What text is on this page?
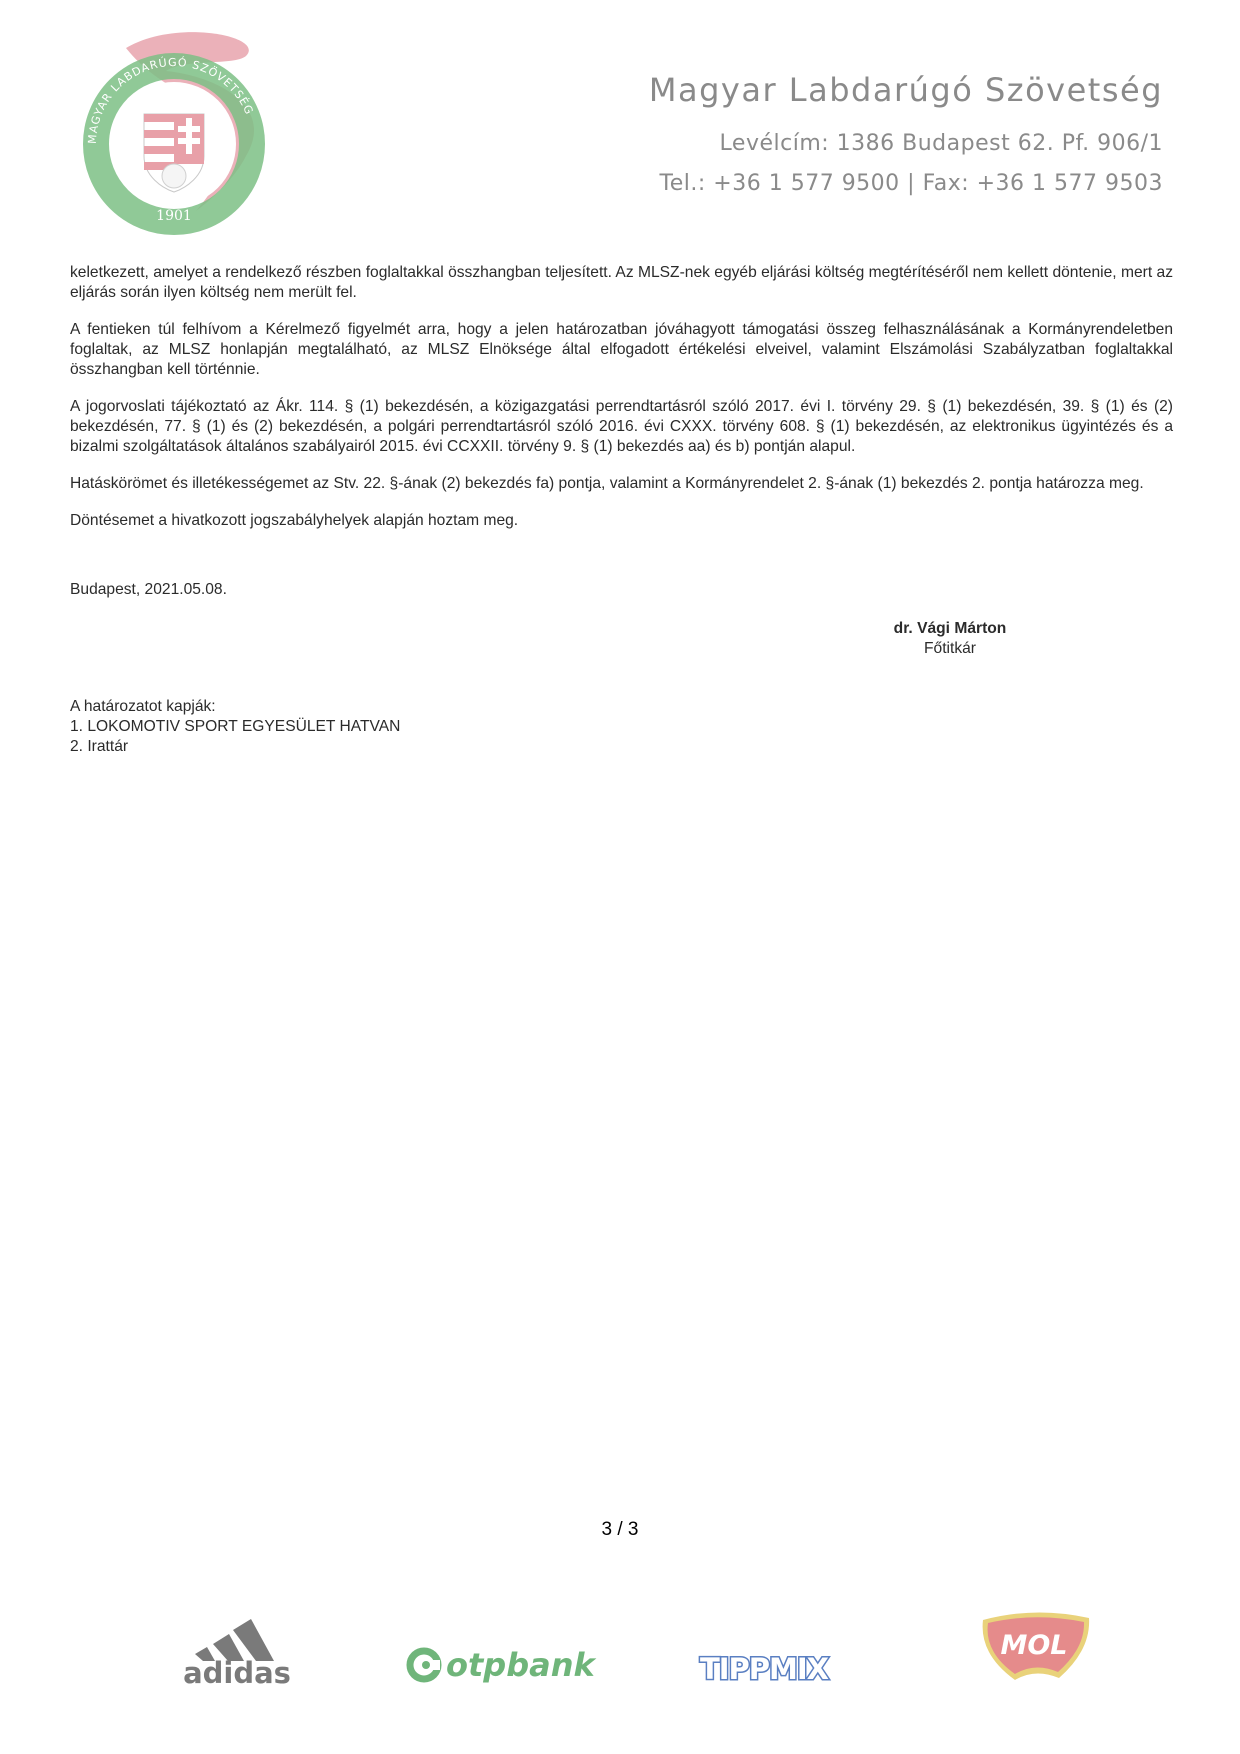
MAGYAR LABDARÚGÓ SZÖVETSÉG
1901
Magyar Labdarúgó Szövetség
Levélcím: 1386 Budapest 62. Pf. 906/1
Tel.: +36 1 577 9500 | Fax: +36 1 577 9503

keletkezett, amelyet a rendelkező részben foglaltakkal összhangban teljesített. Az MLSZ-nek egyéb eljárási költség megtérítéséről nem kellett döntenie, mert az eljárás során ilyen költség nem merült fel.

A fentieken túl felhívom a Kérelmező figyelmét arra, hogy a jelen határozatban jóváhagyott támogatási összeg felhasználásának a Kormányrendeletben foglaltak, az MLSZ honlapján megtalálható, az MLSZ Elnöksége által elfogadott értékelési elveivel, valamint Elszámolási Szabályzatban foglaltakkal összhangban kell történnie.

A jogorvoslati tájékoztató az Ákr. 114. § (1) bekezdésén, a közigazgatási perrendtartásról szóló 2017. évi I. törvény 29. § (1) bekezdésén, 39. § (1) és (2) bekezdésén, 77. § (1) és (2) bekezdésén, a polgári perrendtartásról szóló 2016. évi CXXX. törvény 608. § (1) bekezdésén, az elektronikus ügyintézés és a bizalmi szolgáltatások általános szabályairól 2015. évi CCXXII. törvény 9. § (1) bekezdés aa) és b) pontján alapul.

Hatáskörömet és illetékességemet az Stv. 22. §-ának (2) bekezdés fa) pontja, valamint a Kormányrendelet 2. §-ának (1) bekezdés 2. pontja határozza meg.

Döntésemet a hivatkozott jogszabályhelyek alapján hoztam meg.

Budapest, 2021.05.08.
dr. Vági Márton
Főtitkár
A határozatot kapják:
1. LOKOMOTIV SPORT EGYESÜLET HATVAN
2. Irattár
3 / 3
adidas	otpbank	TIPPMIX
MOL
